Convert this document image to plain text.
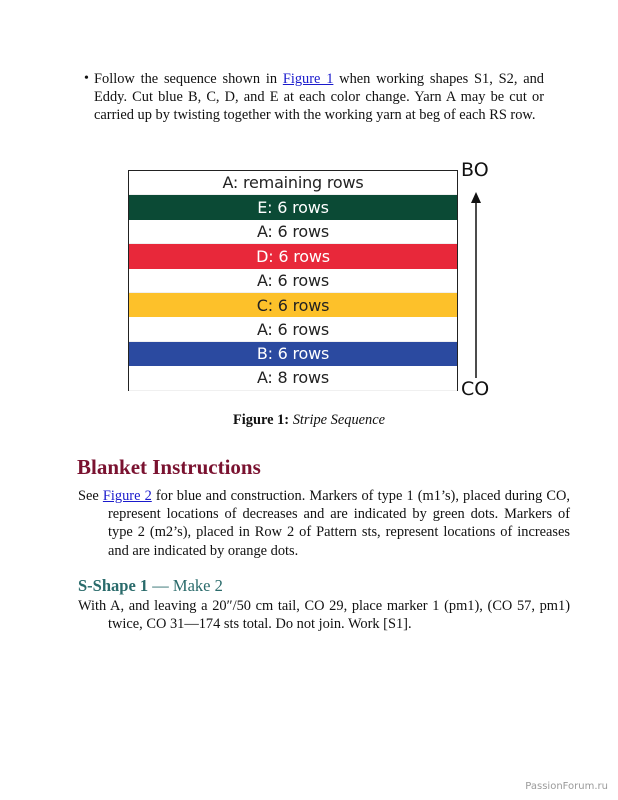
• Follow the sequence shown in Figure 1 when working shapes S1, S2, and Eddy. Cut blue B, C, D, and E at each color change. Yarn A may be cut or carried up by twisting together with the working yarn at beg of each RS row.
A: remaining rows
E: 6 rows
A: 6 rows
D: 6 rows
A: 6 rows
C: 6 rows
A: 6 rows
B: 6 rows
A: 8 rows
BO
CO
Figure 1: Stripe Sequence
Blanket Instructions
See Figure 2 for blue and construction. Markers of type 1 (m1’s), placed during CO, represent locations of decreases and are indicated by green dots. Markers of type 2 (m2’s), placed in Row 2 of Pattern sts, represent locations of increases and are indicated by orange dots.
S-Shape 1 — Make 2
With A, and leaving a 20″/50 cm tail, CO 29, place marker 1 (pm1), (CO 57, pm1) twice, CO 31—174 sts total. Do not join. Work [S1].
PassionForum.ru
